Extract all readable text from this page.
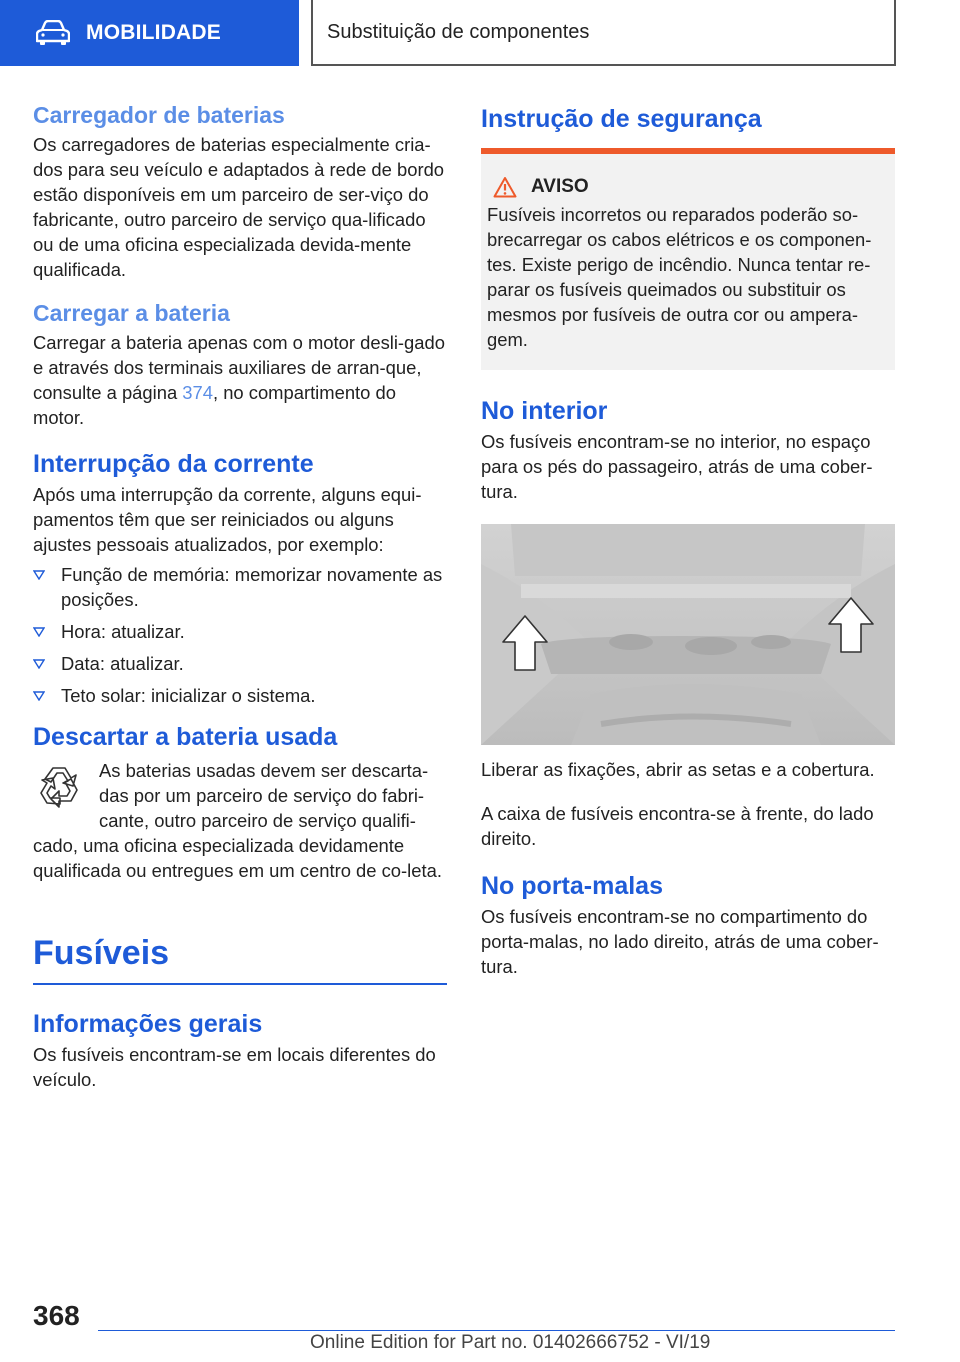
MOBILIDADE	Substituição de componentes
Carregador de baterias

Os carregadores de baterias especialmente cria-dos para seu veículo e adaptados à rede de bordo estão disponíveis em um parceiro de ser-viço do fabricante, outro parceiro de serviço qua-lificado ou de uma oficina especializada devida-mente qualificada.

Carregar a bateria

Carregar a bateria apenas com o motor desli-gado e através dos terminais auxiliares de arran-que, consulte a página 374, no compartimento do motor.

Interrupção da corrente

Após uma interrupção da corrente, alguns equi-pamentos têm que ser reiniciados ou alguns ajustes pessoais atualizados, por exemplo:

Função de memória: memorizar novamente as posições.
Hora: atualizar.
Data: atualizar.
Teto solar: inicializar o sistema.
Descartar a bateria usada

As baterias usadas devem ser descarta-das por um parceiro de serviço do fabri-cante, outro parceiro de serviço qualifi-cado, uma oficina especializada devidamente qualificada ou entregues em um centro de co-leta.

Fusíveis
Informações gerais

Os fusíveis encontram-se em locais diferentes do veículo.

Instrução de segurança
AVISO

Fusíveis incorretos ou reparados poderão so-brecarregar os cabos elétricos e os componen-tes. Existe perigo de incêndio. Nunca tentar re-parar os fusíveis queimados ou substituir os mesmos por fusíveis de outra cor ou ampera-gem.

No interior

Os fusíveis encontram-se no interior, no espaço para os pés do passageiro, atrás de uma cober-tura.

Liberar as fixações, abrir as setas e a cobertura.

A caixa de fusíveis encontra-se à frente, do lado direito.

No porta-malas

Os fusíveis encontram-se no compartimento do porta-malas, no lado direito, atrás de uma cober-tura.

368
Online Edition for Part no. 01402666752 - VI/19
